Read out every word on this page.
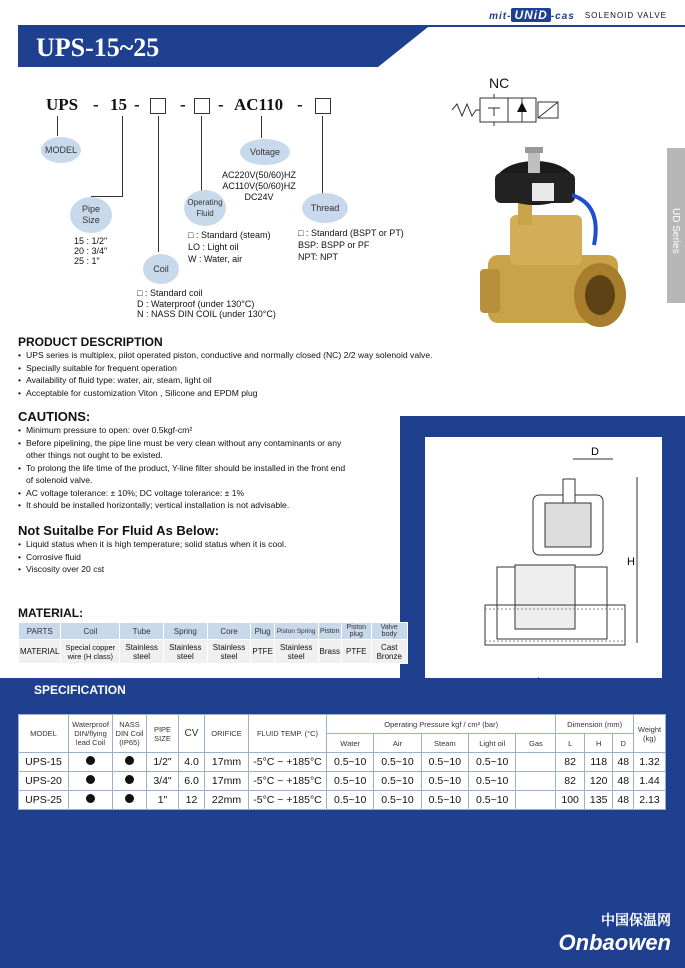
mit- UNiD -cas SOLENOID VALVE
UPS-15~25
UD Series
UPS - 15 - - - AC110 -
MODEL
Pipe
Size
Coil
Operating
Fluid
Voltage
Thread
15 : 1/2"
20 : 3/4"
25 : 1"
□ : Standard coil
D : Waterproof (under 130°C)
N : NASS DIN COIL (under 130°C)
□ : Standard (steam)
LO : Light oil
W : Water, air
AC220V(50/60)HZ
AC110V(50/60)HZ
DC24V
□ : Standard (BSPT or PT)
BSP: BSPP or PF
NPT: NPT
NC
PRODUCT DESCRIPTION
• UPS series is multiplex, pilot operated piston, conductive and normally closed (NC) 2/2 way solenoid valve.
• Specially suitable for frequent operation
• Availability of fluid type: water, air, steam, light oil
• Acceptable for customization Viton , Silicone and EPDM plug
D
H
CAUTIONS:
• Minimum pressure to open: over 0.5kgf-cm²
• Before pipelining, the pipe line must be very clean without any contaminants or any
other things not ought to be existed.
• To prolong the life time of the product, Y-line filter should be installed in the front end
of solenoid valve.
• AC voltage tolerance: ± 10%; DC voltage tolerance: ± 1%
• It should be installed horizontally; vertical installation is not advisable.
Not Suitalbe For Fluid As Below:
• Liquid status when it is high temperature; solid status when it is cool.
• Corrosive fluid
• Viscosity over 20 cst
MATERIAL:
PARTS	Coil	Tube	Spring	Core	Plug	Piston Spring	Piston	Piston plug	Valve body
MATERIAL	Special copper wire (H class)	Stainless steel	Stainless steel	Stainless steel	PTFE	Stainless steel	Brass	PTFE	Cast Bronze
SPECIFICATION
MODEL	Waterproof DIN/flying lead Coil	NASS DIN Coil (IP65)	PIPE SIZE	CV	ORIFICE	FLUID TEMP. (°C)	Operating Pressure kgf / cm² (bar)					Dimension (mm)			Weight (kg)
							Water	Air	Steam	Light oil	Gas	L	H	D	
UPS-15			1/2"	4.0	17mm	-5°C ~ +185°C	0.5~10	0.5~10	0.5~10	0.5~10		82	118	48	1.32
UPS-20			3/4"	6.0	17mm	-5°C ~ +185°C	0.5~10	0.5~10	0.5~10	0.5~10		82	120	48	1.44
UPS-25			1"	12	22mm	-5°C ~ +185°C	0.5~10	0.5~10	0.5~10	0.5~10		100	135	48	2.13
中国保温网
Onbaowen
